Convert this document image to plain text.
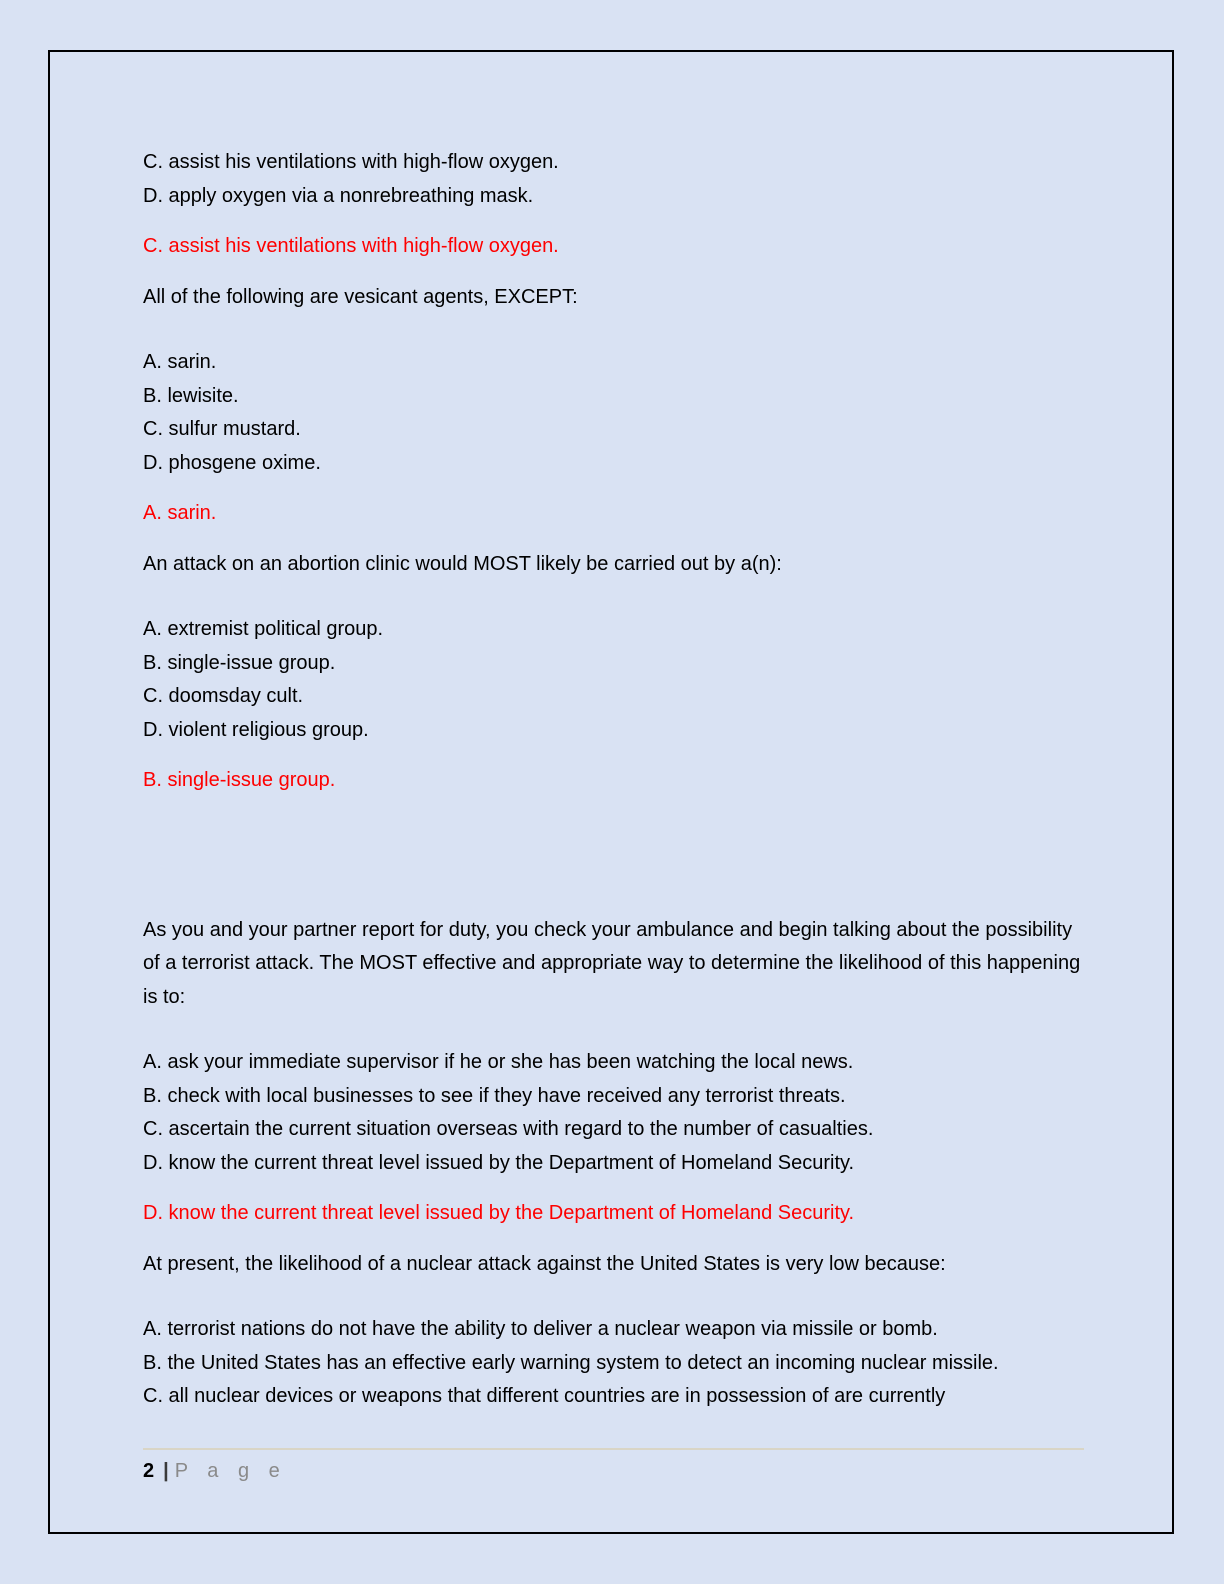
C. assist his ventilations with high-flow oxygen.
D. apply oxygen via a nonrebreathing mask.
C. assist his ventilations with high-flow oxygen.
All of the following are vesicant agents, EXCEPT:
A. sarin.
B. lewisite.
C. sulfur mustard.
D. phosgene oxime.
A. sarin.
An attack on an abortion clinic would MOST likely be carried out by a(n):
A. extremist political group.
B. single-issue group.
C. doomsday cult.
D. violent religious group.
B. single-issue group.
As you and your partner report for duty, you check your ambulance and begin talking about the possibility of a terrorist attack. The MOST effective and appropriate way to determine the likelihood of this happening is to:
A. ask your immediate supervisor if he or she has been watching the local news.
B. check with local businesses to see if they have received any terrorist threats.
C. ascertain the current situation overseas with regard to the number of casualties.
D. know the current threat level issued by the Department of Homeland Security.
D. know the current threat level issued by the Department of Homeland Security.
At present, the likelihood of a nuclear attack against the United States is very low because:
A. terrorist nations do not have the ability to deliver a nuclear weapon via missile or bomb.
B. the United States has an effective early warning system to detect an incoming nuclear missile.
C. all nuclear devices or weapons that different countries are in possession of are currently
2 | P a g e
